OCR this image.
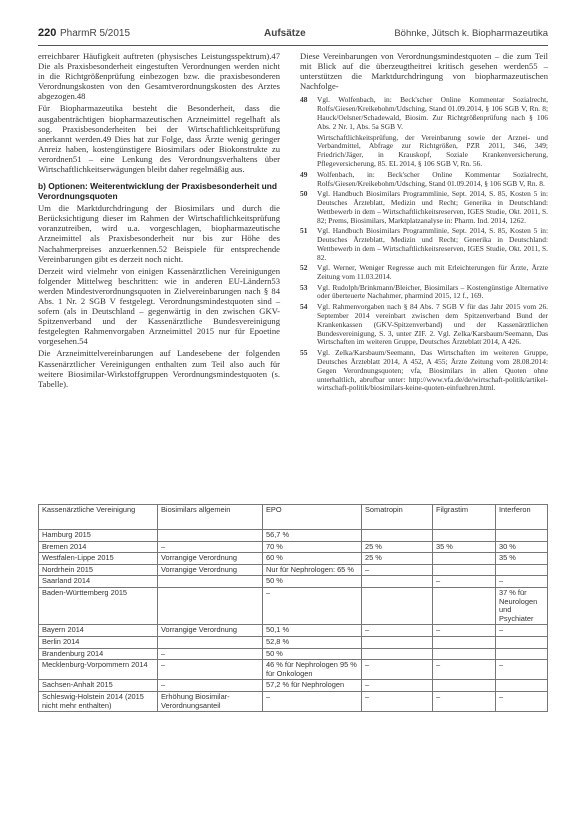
220 PharmR 5/2015	Aufsätze	Böhnke, Jütsch k. Biopharmazeutika

erreichbarer Häufigkeit auftreten (physisches Leistungsspektrum).47 Die als Praxisbesonderheit eingestuften Verordnungen werden nicht in die Richtgrößenprüfung einbezogen bzw. die praxisbesonderen Verordnungskosten von den Gesamtverordnungskosten des Arztes abgezogen.48

Für Biopharmazeutika besteht die Besonderheit, dass die ausgabenträchtigen biopharmazeutischen Arzneimittel regelhaft als sog. Praxisbesonderheiten bei der Wirtschaftlichkeitsprüfung anerkannt werden.49 Dies hat zur Folge, dass Ärzte wenig geringer Anreiz haben, kostengünstigere Biosimilars oder Biokonstrukte zu verordnen51 – eine Lenkung des Verordnungsverhaltens über Wirtschaftlichkeitserwägungen bleibt daher regelmäßig aus.

b) Optionen: Weiterentwicklung der Praxisbesonderheit und Verordnungsquoten

Um die Marktdurchdringung der Biosimilars und durch die Berücksichtigung dieser im Rahmen der Wirtschaftlichkeitsprüfung voranzutreiben, wird u.a. vorgeschlagen, biopharmazeutische Arzneimittel als Praxisbesonderheit nur bis zur Höhe des Nachahmerpreises anzuerkennen.52 Beispiele für entsprechende Vereinbarungen gibt es derzeit noch nicht.

Derzeit wird vielmehr von einigen Kassenärztlichen Vereinigungen folgender Mittelweg beschritten: wie in anderen EU-Ländern53 werden Mindestverordnungsquoten in Zielvereinbarungen nach § 84 Abs. 1 Nr. 2 SGB V festgelegt. Verordnungsmindestquoten sind – sofern (als in Deutschland – gegenwärtig in den zwischen GKV-Spitzenverband und der Kassenärztliche Bundesvereinigung festgelegten Rahmenvorgaben Arzneimittel 2015 nur für Epoetine vorgesehen.54

Die Arzneimittelvereinbarungen auf Landesebene der folgenden Kassenärztlicher Vereinigungen enthalten zum Teil also auch für weitere Biosimilar-Wirkstoffgruppen Verordnungsmindestquoten (s. Tabelle).

Diese Vereinbarungen von Verordnungsmindestquoten – die zum Teil mit Blick auf die überzeugtheitrei kritisch gesehen werden55 – unterstützen die Marktdurchdringung von biopharmazeutischen Nachfolge-

48 Vgl. Wolfenbach, in: Beck'scher Online Kommentar Sozialrecht, Rolfs/Giesen/Kreikebohm/Udsching, Stand 01.09.2014, § 106 SGB V, Rn. 8; Hauck/Oelsner/Schadewald, Biosim. Zur Richtgrößenprüfung nach § 106 Abs. 2 Nr. 1, Abs. 5a SGB V.
Wirtschaftlichkeitsprüfung, der Vereinbarung sowie der Arznei- und Verbandmittel, Abfrage zur Richtgrößen, PZR 2011, 346, 349; Friedrich/Jäger, in Krauskopf, Soziale Krankenversicherung, Pflegeversicherung, 85. EL 2014, § 106 SGB V, Rn. 56.
49 Wolfenbach, in: Beck'scher Online Kommentar Sozialrecht, Rolfs/Giesen/Kreikebohm/Udsching, Stand 01.09.2014, § 106 SGB V, Rn. 8.
50 Vgl. Handbuch Biosimilars Programmlinie, Sept. 2014, S. 85, Kosten 5 in: Deutsches Ärzteblatt, Medizin und Recht; Generika in Deutschland: Wettbewerb in dem – Wirtschaftlichkeitsreserven, IGES Studie, Okt. 2011, S. 82; Prems, Biosimilars, Marktplatzanalyse in: Pharm. Ind. 2014, 1262.
51 Vgl. Handbuch Biosimilars Programmlinie, Sept. 2014, S. 85, Kosten 5 in: Deutsches Ärzteblatt, Medizin und Recht; Generika in Deutschland: Wettbewerb in dem – Wirtschaftlichkeitsreserven, IGES Studie, Okt. 2011, S. 82.
52 Vgl. Werner, Weniger Regresse auch mit Erleichterungen für Ärzte, Ärzte Zeitung vom 11.03.2014.
53 Vgl. Rudolph/Brinkmann/Bleicher, Biosimilars – Kostengünstige Alternative oder überteuerte Nachahmer, pharmind 2015, 12 f., 169.
54 Vgl. Rahmenvorgaben nach § 84 Abs. 7 SGB V für das Jahr 2015 vom 26. September 2014 vereinbart zwischen dem Spitzenverband Bund der Krankenkassen (GKV-Spitzenverband) und der Kassenärztlichen Bundesvereinigung, S. 3, unter ZIF. 2. Vgl. Zelka/Karsbaum/Seemann, Das Wirtschaften im weiteren Gruppe, Deutsches Ärzteblatt 2014, A 426.
55 Vgl. Zelka/Karsbaum/Seemann, Das Wirtschaften im weiteren Gruppe, Deutsches Ärzteblatt 2014, A 452, A 455; Ärzte Zeitung vom 28.08.2014: Gegen Verordnungsquoten; vfa, Biosimilars in allen Quoten ohne unterhaltlich, abrufbar unter: http://www.vfa.de/de/wirtschaft-politik/artikel-wirtschaft-politik/biosimilars-keine-quoten-einfuehren.html.
Kassenärztliche Vereinigung	Biosimilars allgemein	EPO	Somatropin	Filgrastim	Interferon
Hamburg 2015		56,7 %			
Bremen 2014	–	70 %	25 %	35 %	30 %
Westfalen-Lippe 2015	Vorrangige Verordnung	60 %	25 %		35 %
Nordrhein 2015	Vorrangige Verordnung	Nur für Nephrologen: 65 %	–		
Saarland 2014		50 %		–	–
Baden-Württemberg 2015		–			37 % für Neurologen und Psychiater
Bayern 2014	Vorrangige Verordnung	50,1 %	–	–	–
Berlin 2014		52,8 %			
Brandenburg 2014	–	50 %			
Mecklenburg-Vorpommern 2014	–	46 % für Nephrologen 95 % für Onkologen	–	–	–
Sachsen-Anhalt 2015	–	57,2 % für Nephrologen	–		
Schleswig-Holstein 2014 (2015 nicht mehr enthalten)	Erhöhung Biosimilar-Verordnungsanteil	–	–	–	–
